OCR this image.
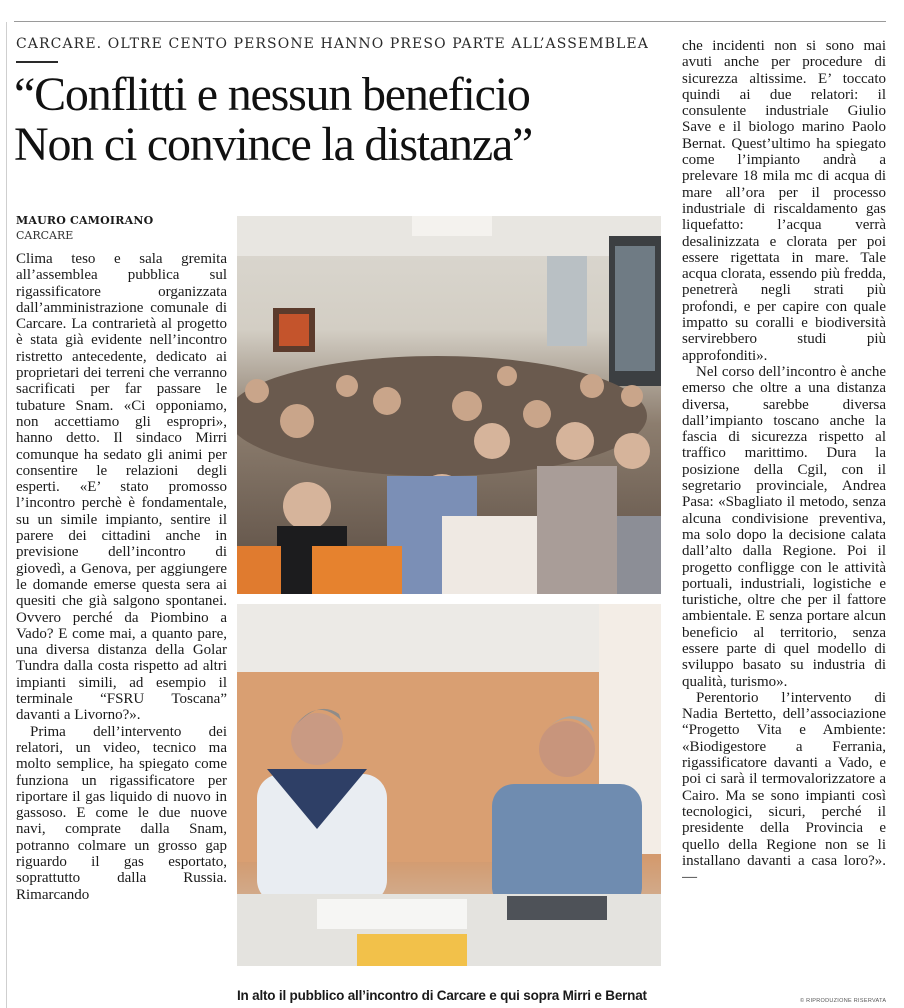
CARCARE. OLTRE CENTO PERSONE HANNO PRESO PARTE ALL’ASSEMBLEA
“Conflitti e nessun beneficio
Non ci convince la distanza”
MAURO CAMOIRANO
CARCARE

Clima teso e sala gremita all’assemblea pubblica sul rigassificatore organizzata dall’amministrazione comunale di Carcare. La contrarietà al progetto è stata già evidente nell’incontro ristretto antecedente, dedicato ai proprietari dei terreni che verranno sacrificati per far passare le tubature Snam. «Ci opponiamo, non accettiamo gli espropri», hanno detto. Il sindaco Mirri comunque ha sedato gli animi per consentire le relazioni degli esperti. «E’ stato promosso l’incontro perchè è fondamentale, su un simile impianto, sentire il parere dei cittadini anche in previsione dell’incontro di giovedì, a Genova, per aggiungere le domande emerse questa sera ai quesiti che già salgono spontanei. Ovvero perché da Piombino a Vado? E come mai, a quanto pare, una diversa distanza della Golar Tundra dalla costa rispetto ad altri impianti simili, ad esempio il terminale “FSRU Toscana” davanti a Livorno?».

Prima dell’intervento dei relatori, un video, tecnico ma molto semplice, ha spiegato come funziona un rigassificatore per riportare il gas liquido di nuovo in gassoso. E come le due nuove navi, comprate dalla Snam, potranno colmare un grosso gap riguardo il gas esportato, soprattutto dalla Russia. Rimarcando

In alto il pubblico all’incontro di Carcare e qui sopra Mirri e Bernat

che incidenti non si sono mai avuti anche per procedure di sicurezza altissime. E’ toccato quindi ai due relatori: il consulente industriale Giulio Save e il biologo marino Paolo Bernat. Quest’ultimo ha spiegato come l’impianto andrà a prelevare 18 mila mc di acqua di mare all’ora per il processo industriale di riscaldamento gas liquefatto: l’acqua verrà desalinizzata e clorata per poi essere rigettata in mare. Tale acqua clorata, essendo più fredda, penetrerà negli strati più profondi, e per capire con quale impatto su coralli e biodiversità servirebbero studi più approfonditi».

Nel corso dell’incontro è anche emerso che oltre a una distanza diversa, sarebbe diversa dall’impianto toscano anche la fascia di sicurezza rispetto al traffico marittimo. Dura la posizione della Cgil, con il segretario provinciale, Andrea Pasa: «Sbagliato il metodo, senza alcuna condivisione preventiva, ma solo dopo la decisione calata dall’alto dalla Regione. Poi il progetto confligge con le attività portuali, industriali, logistiche e turistiche, oltre che per il fattore ambientale. E senza portare alcun beneficio al territorio, senza essere parte di quel modello di sviluppo basato su industria di qualità, turismo».

Perentorio l’intervento di Nadia Bertetto, dell’associazione “Progetto Vita e Ambiente: «Biodigestore a Ferrania, rigassificatore davanti a Vado, e poi ci sarà il termovalorizzatore a Cairo. Ma se sono impianti così tecnologici, sicuri, perché il presidente della Provincia e quello della Regione non se li installano davanti a casa loro?». —

© RIPRODUZIONE RISERVATA
